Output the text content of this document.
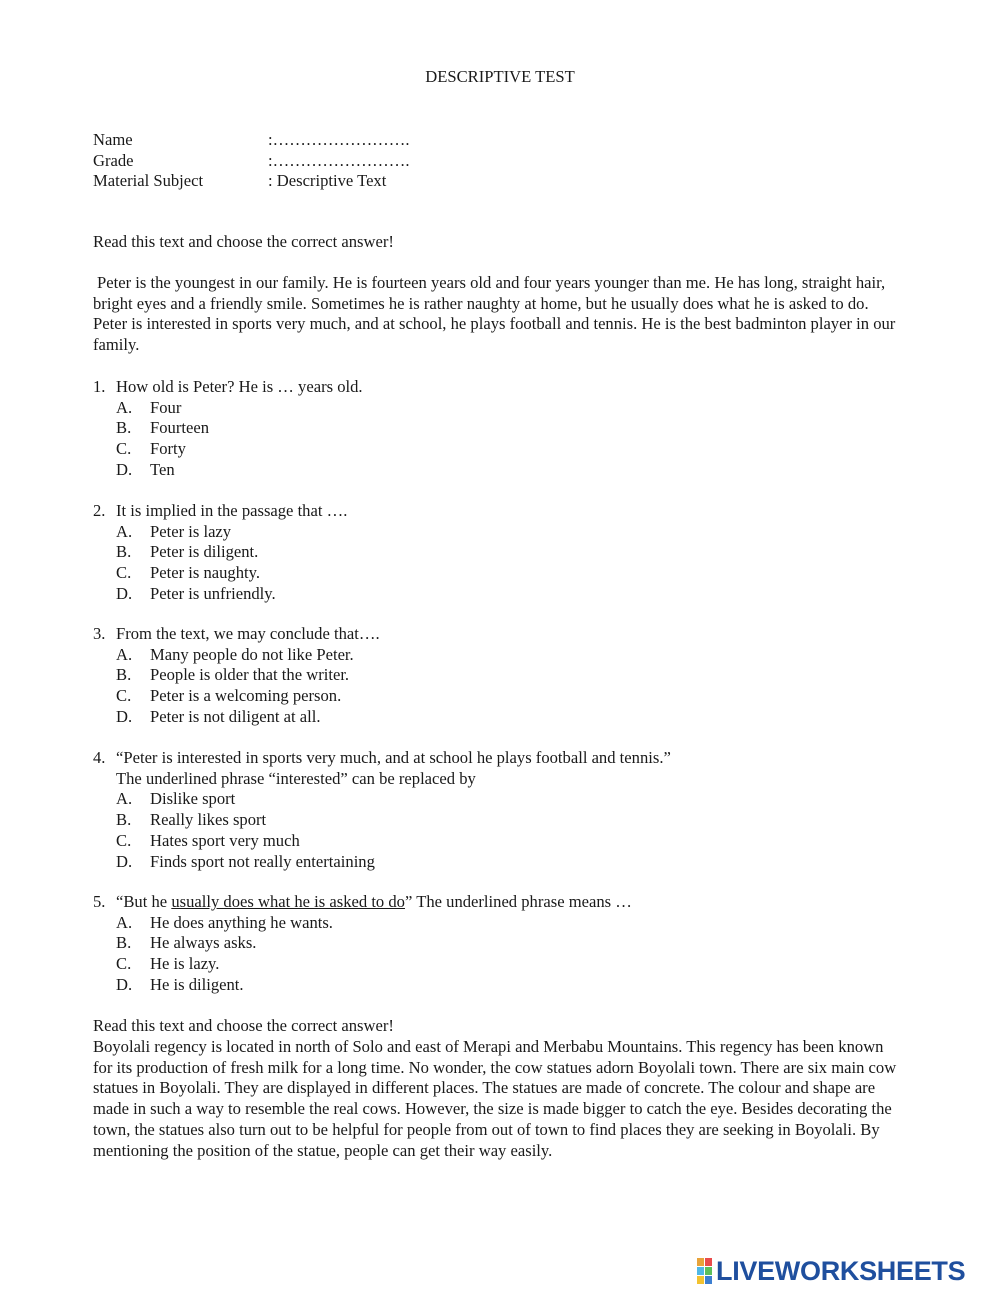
DESCRIPTIVE TEST
Name	:…………………….
Grade	:…………………….
Material Subject	: Descriptive Text
Read this text and choose the correct answer!
Peter is the youngest in our family. He is fourteen years old and four years younger than me. He has long, straight hair, bright eyes and a friendly smile. Sometimes he is rather naughty at home, but he usually does what he is asked to do. Peter is interested in sports very much, and at school, he plays football and tennis. He is the best badminton player in our family.
1. How old is Peter? He is … years old.
A.	Four
B.	Fourteen
C.	Forty
D.	Ten
2. It is implied in the passage that ….
A.	Peter is lazy
B.	Peter is diligent.
C.	Peter is naughty.
D.	Peter is unfriendly.
3. From the text, we may conclude that….
A.	Many people do not like Peter.
B.	People is older that the writer.
C.	Peter is a welcoming person.
D.	Peter is not diligent at all.
4. “Peter is interested in sports very much, and at school he plays football and tennis.”
The underlined phrase “interested” can be replaced by
A.	Dislike sport
B.	Really likes sport
C.	Hates sport very much
D.	Finds sport not really entertaining
5. “But he usually does what he is asked to do” The underlined phrase means …
A.	He does anything he wants.
B.	He always asks.
C.	He is lazy.
D.	He is diligent.
Read this text and choose the correct answer!
Boyolali regency is located in north of Solo and east of Merapi and Merbabu Mountains. This regency has been known for its production of fresh milk for a long time. No wonder, the cow statues adorn Boyolali town. There are six main cow statues in Boyolali. They are displayed in different places. The statues are made of concrete. The colour and shape are made in such a way to resemble the real cows. However, the size is made bigger to catch the eye. Besides decorating the town, the statues also turn out to be helpful for people from out of town to find places they are seeking in Boyolali. By mentioning the position of the statue, people can get their way easily.
LIVEWORKSHEETS
